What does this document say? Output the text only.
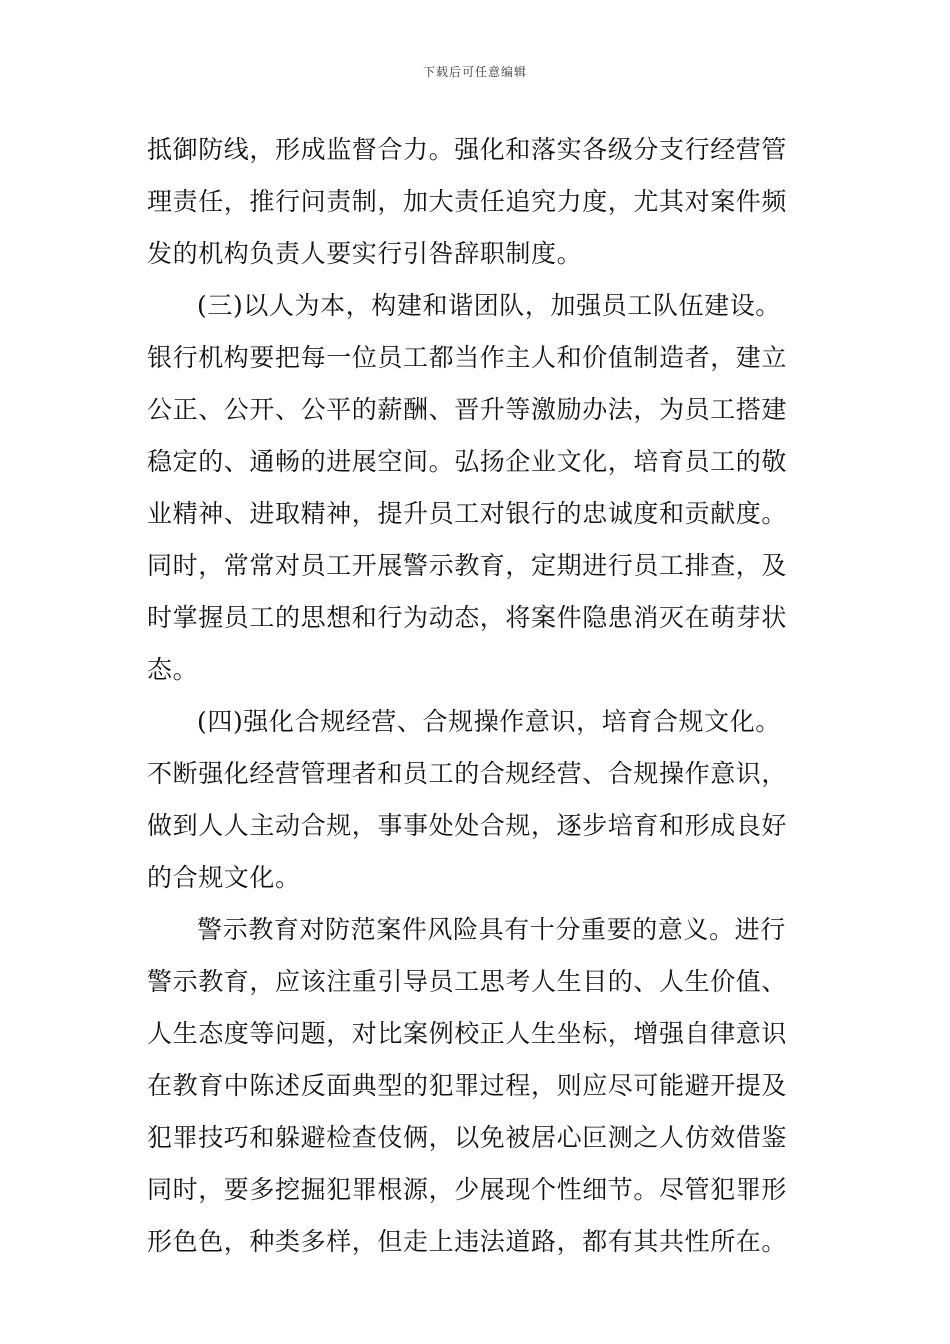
下载后可任意编辑
抵御防线，形成监督合力。强化和落实各级分支行经营管
理责任，推行问责制，加大责任追究力度，尤其对案件频
发的机构负责人要实行引咎辞职制度。
(三)以人为本，构建和谐团队，加强员工队伍建设。
银行机构要把每一位员工都当作主人和价值制造者，建立
公正、公开、公平的薪酬、晋升等激励办法，为员工搭建
稳定的、通畅的进展空间。弘扬企业文化，培育员工的敬
业精神、进取精神，提升员工对银行的忠诚度和贡献度。
同时，常常对员工开展警示教育，定期进行员工排查，及
时掌握员工的思想和行为动态，将案件隐患消灭在萌芽状
态。
(四)强化合规经营、合规操作意识，培育合规文化。
不断强化经营管理者和员工的合规经营、合规操作意识，
做到人人主动合规，事事处处合规，逐步培育和形成良好
的合规文化。
警示教育对防范案件风险具有十分重要的意义。进行
警示教育，应该注重引导员工思考人生目的、人生价值、
人生态度等问题，对比案例校正人生坐标，增强自律意识
在教育中陈述反面典型的犯罪过程，则应尽可能避开提及
犯罪技巧和躲避检查伎俩，以免被居心叵测之人仿效借鉴
同时，要多挖掘犯罪根源，少展现个性细节。尽管犯罪形
形色色，种类多样，但走上违法道路，都有其共性所在。
